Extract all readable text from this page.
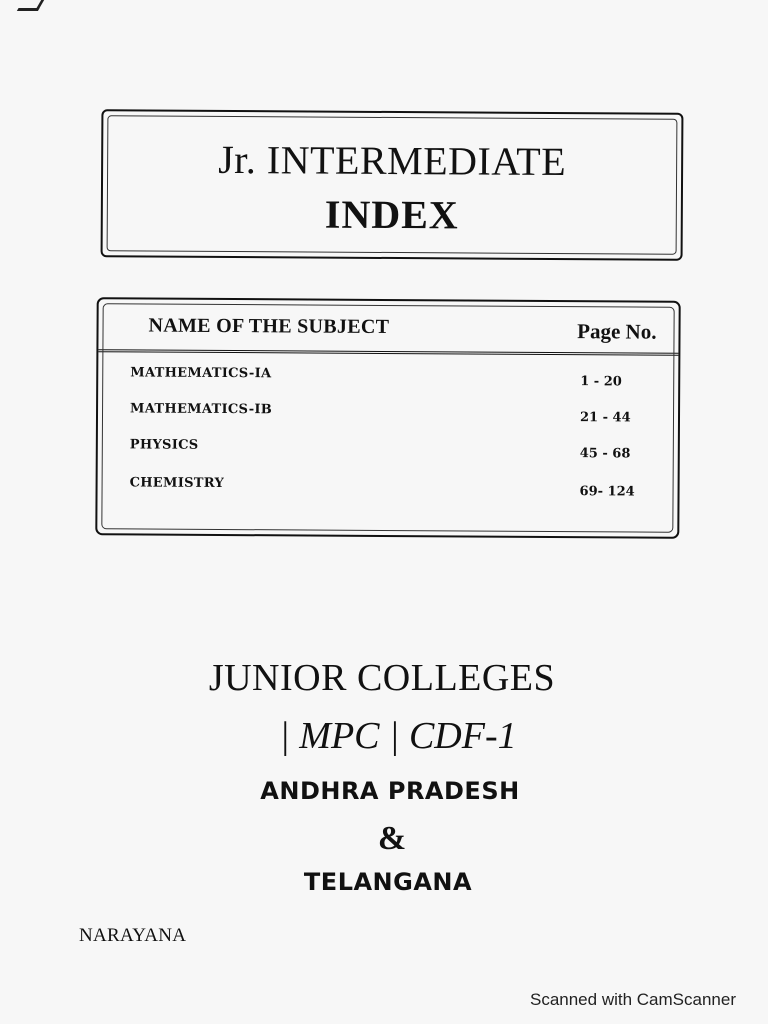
Jr. INTERMEDIATE
INDEX
NAME OF THE SUBJECT	Page No.
MATHEMATICS-IA
1 - 20
MATHEMATICS-IB
21 - 44
PHYSICS
45 - 68
CHEMISTRY
69- 124
JUNIOR COLLEGES
| MPC | CDF-1
ANDHRA PRADESH
&
TELANGANA
NARAYANA
Scanned with CamScanner
